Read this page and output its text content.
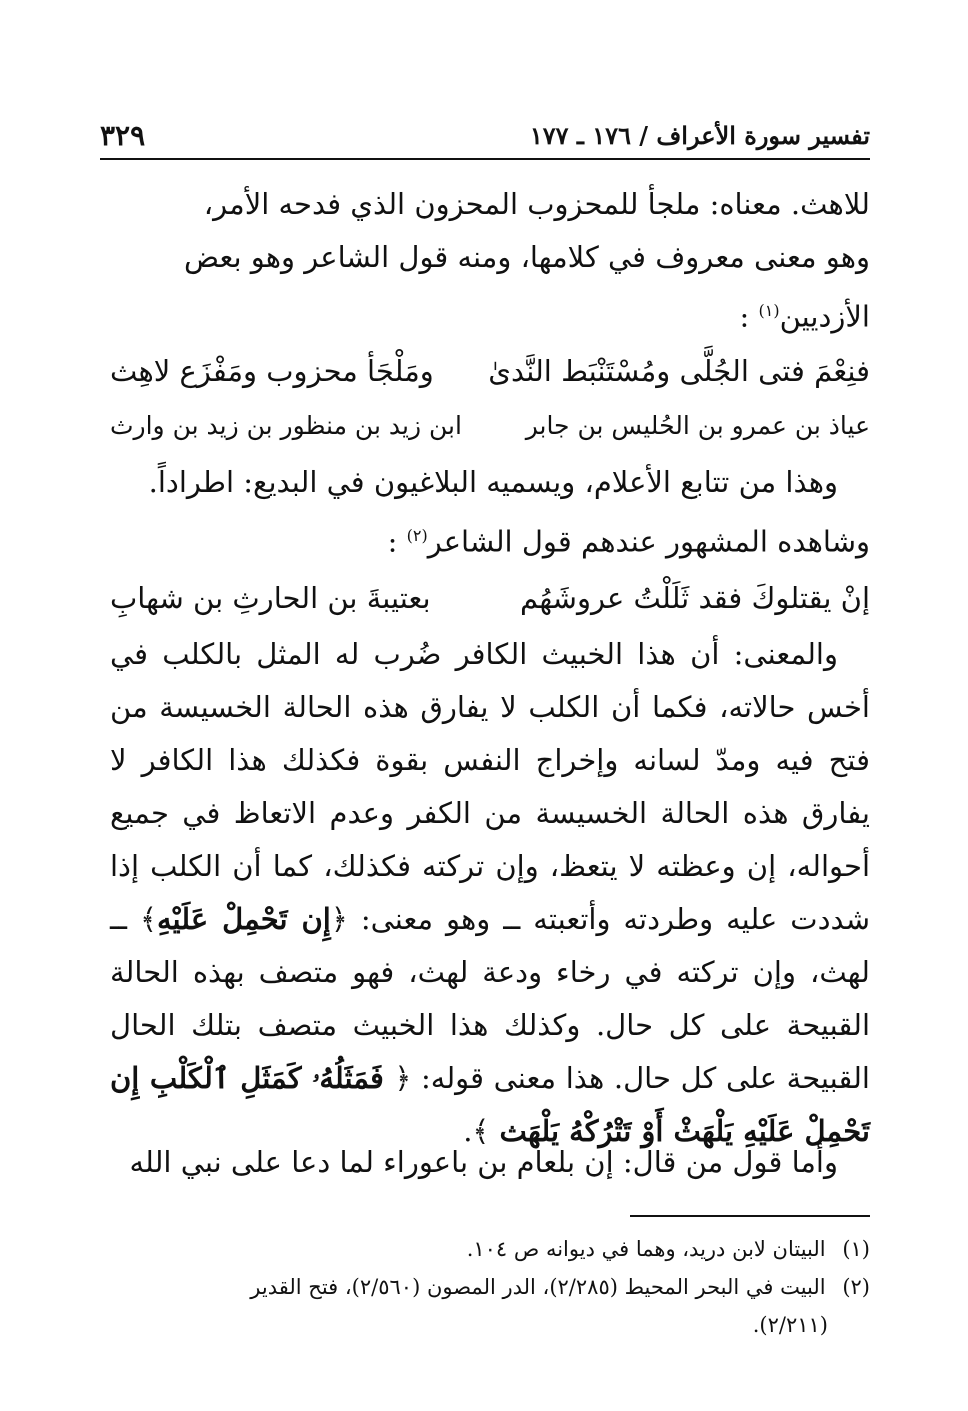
تفسير سورة الأعراف / ١٧٦ ـ ١٧٧
٣٢٩

للاهث. معناه: ملجأ للمحزوب المحزون الذي فدحه الأمر،
وهو معنى معروف في كلامها، ومنه قول الشاعر وهو بعض
الأزديين$^{(١)}$ :

فنِعْمَ فتى الجُلَّى ومُسْتَنْبَط النَّدىٰ
ومَلْجَأ محزوب ومَفْزَع لاهِث
عياذ بن عمرو بن الحُليس بن جابر
ابن زيد بن منظور بن زيد بن وارث

وهذا من تتابع الأعلام، ويسميه البلاغيون في البديع: اطراداً.
وشاهده المشهور عندهم قول الشاعر$^{(٢)}$ :

إنْ يقتلوكَ فقد ثَلَلْتُ عروشَهُم
بعتيبةَ بن الحارثِ بن شهابِ

والمعنى: أن هذا الخبيث الكافر ضُرب له المثل بالكلب في أخس حالاته، فكما أن الكلب لا يفارق هذه الحالة الخسيسة من فتح فيه ومدّ لسانه وإخراج النفس بقوة فكذلك هذا الكافر لا يفارق هذه الحالة الخسيسة من الكفر وعدم الاتعاظ في جميع أحواله، إن وعظته لا يتعظ، وإن تركته فكذلك، كما أن الكلب إذا شددت عليه وطردته وأتعبته ــ وهو معنى: ﴿إِن تَحْمِلْ عَلَيْهِ﴾ ــ لهث، وإن تركته في رخاء ودعة لهث، فهو متصف بهذه الحالة القبيحة على كل حال. وكذلك هذا الخبيث متصف بتلك الحال القبيحة على كل حال. هذا معنى قوله: ﴿ فَمَثَلُهُۥ كَمَثَلِ ٱلْكَلْبِ إِن تَحْمِلْ عَلَيْهِ يَلْهَثْ أَوْ تَتْرُكْهُ يَلْهَث ﴾.

وأما قول من قال: إن بلعام بن باعوراء لما دعا على نبي الله

(١) البيتان لابن دريد، وهما في ديوانه ص ١٠٤.

(٢) البيت في البحر المحيط (٢/٢٨٥)، الدر المصون (٢/٥٦٠)، فتح القدير

(٢/٢١١).
